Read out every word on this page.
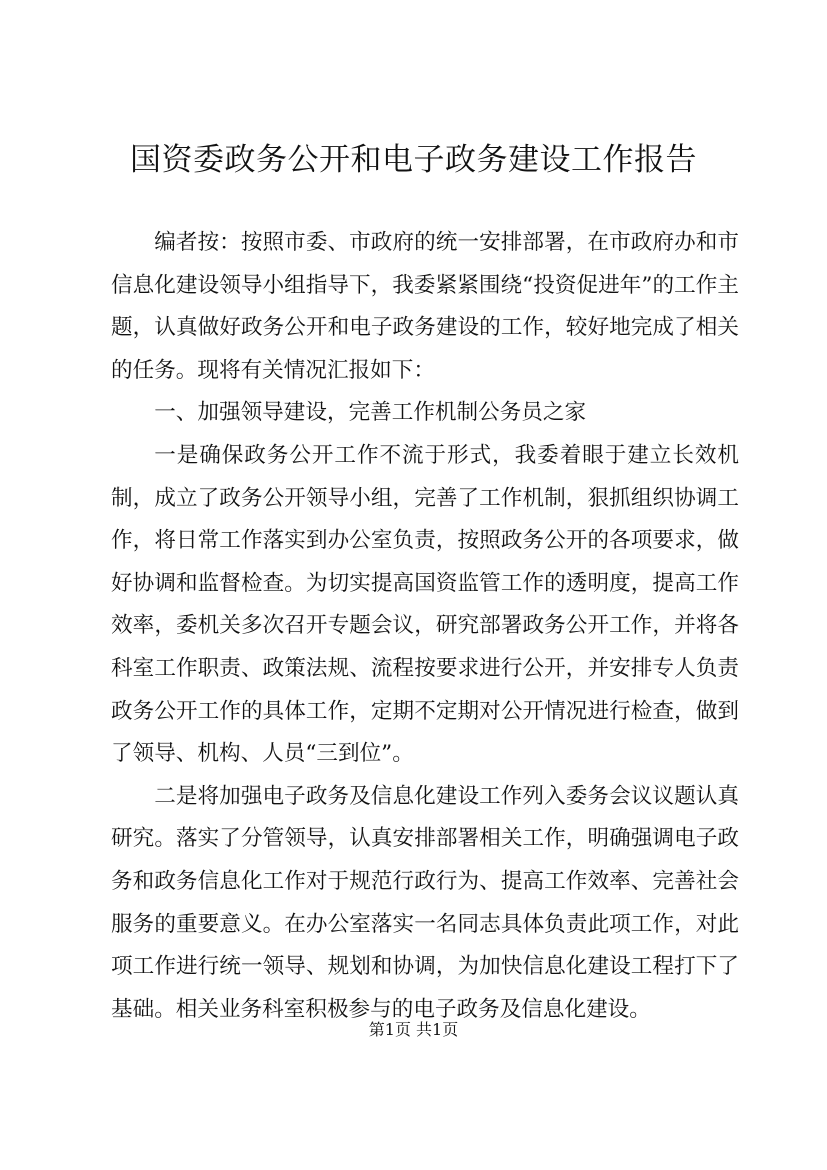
国资委政务公开和电子政务建设工作报告

编者按：按照市委、市政府的统一安排部署，在市政府办和市信息化建设领导小组指导下，我委紧紧围绕“投资促进年”的工作主题，认真做好政务公开和电子政务建设的工作，较好地完成了相关的任务。现将有关情况汇报如下：

一、加强领导建设，完善工作机制公务员之家

一是确保政务公开工作不流于形式，我委着眼于建立长效机制，成立了政务公开领导小组，完善了工作机制，狠抓组织协调工作，将日常工作落实到办公室负责，按照政务公开的各项要求，做好协调和监督检查。为切实提高国资监管工作的透明度，提高工作效率，委机关多次召开专题会议，研究部署政务公开工作，并将各科室工作职责、政策法规、流程按要求进行公开，并安排专人负责政务公开工作的具体工作，定期不定期对公开情况进行检查，做到了领导、机构、人员“三到位”。

二是将加强电子政务及信息化建设工作列入委务会议议题认真研究。落实了分管领导，认真安排部署相关工作，明确强调电子政务和政务信息化工作对于规范行政行为、提高工作效率、完善社会服务的重要意义。在办公室落实一名同志具体负责此项工作，对此项工作进行统一领导、规划和协调，为加快信息化建设工程打下了基础。相关业务科室积极参与的电子政务及信息化建设。

第1页 共1页
